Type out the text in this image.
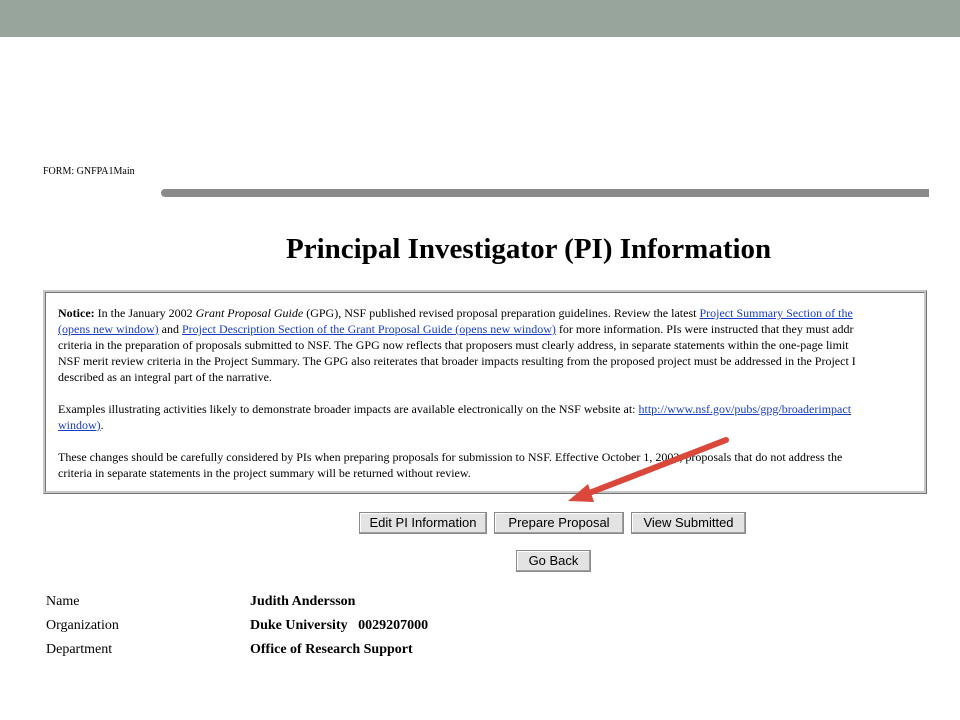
FORM: GNFPA1Main
Principal Investigator (PI) Information

Notice: In the January 2002 Grant Proposal Guide (GPG), NSF published revised proposal preparation guidelines. Review the latest Project Summary Section of the
(opens new window) and Project Description Section of the Grant Proposal Guide (opens new window) for more information. PIs were instructed that they must addr
criteria in the preparation of proposals submitted to NSF. The GPG now reflects that proposers must clearly address, in separate statements within the one-page limit
NSF merit review criteria in the Project Summary. The GPG also reiterates that broader impacts resulting from the proposed project must be addressed in the Project I
described as an integral part of the narrative.

Examples illustrating activities likely to demonstrate broader impacts are available electronically on the NSF website at: http://www.nsf.gov/pubs/gpg/broaderimpact
window).

These changes should be carefully considered by PIs when preparing proposals for submission to NSF. Effective October 1, 2002, proposals that do not address the
criteria in separate statements in the project summary will be returned without review.

Edit PI Information	Prepare Proposal	View Submitted
Go Back
Name	Judith Andersson
Organization	Duke University   0029207000
Department	Office of Research Support
